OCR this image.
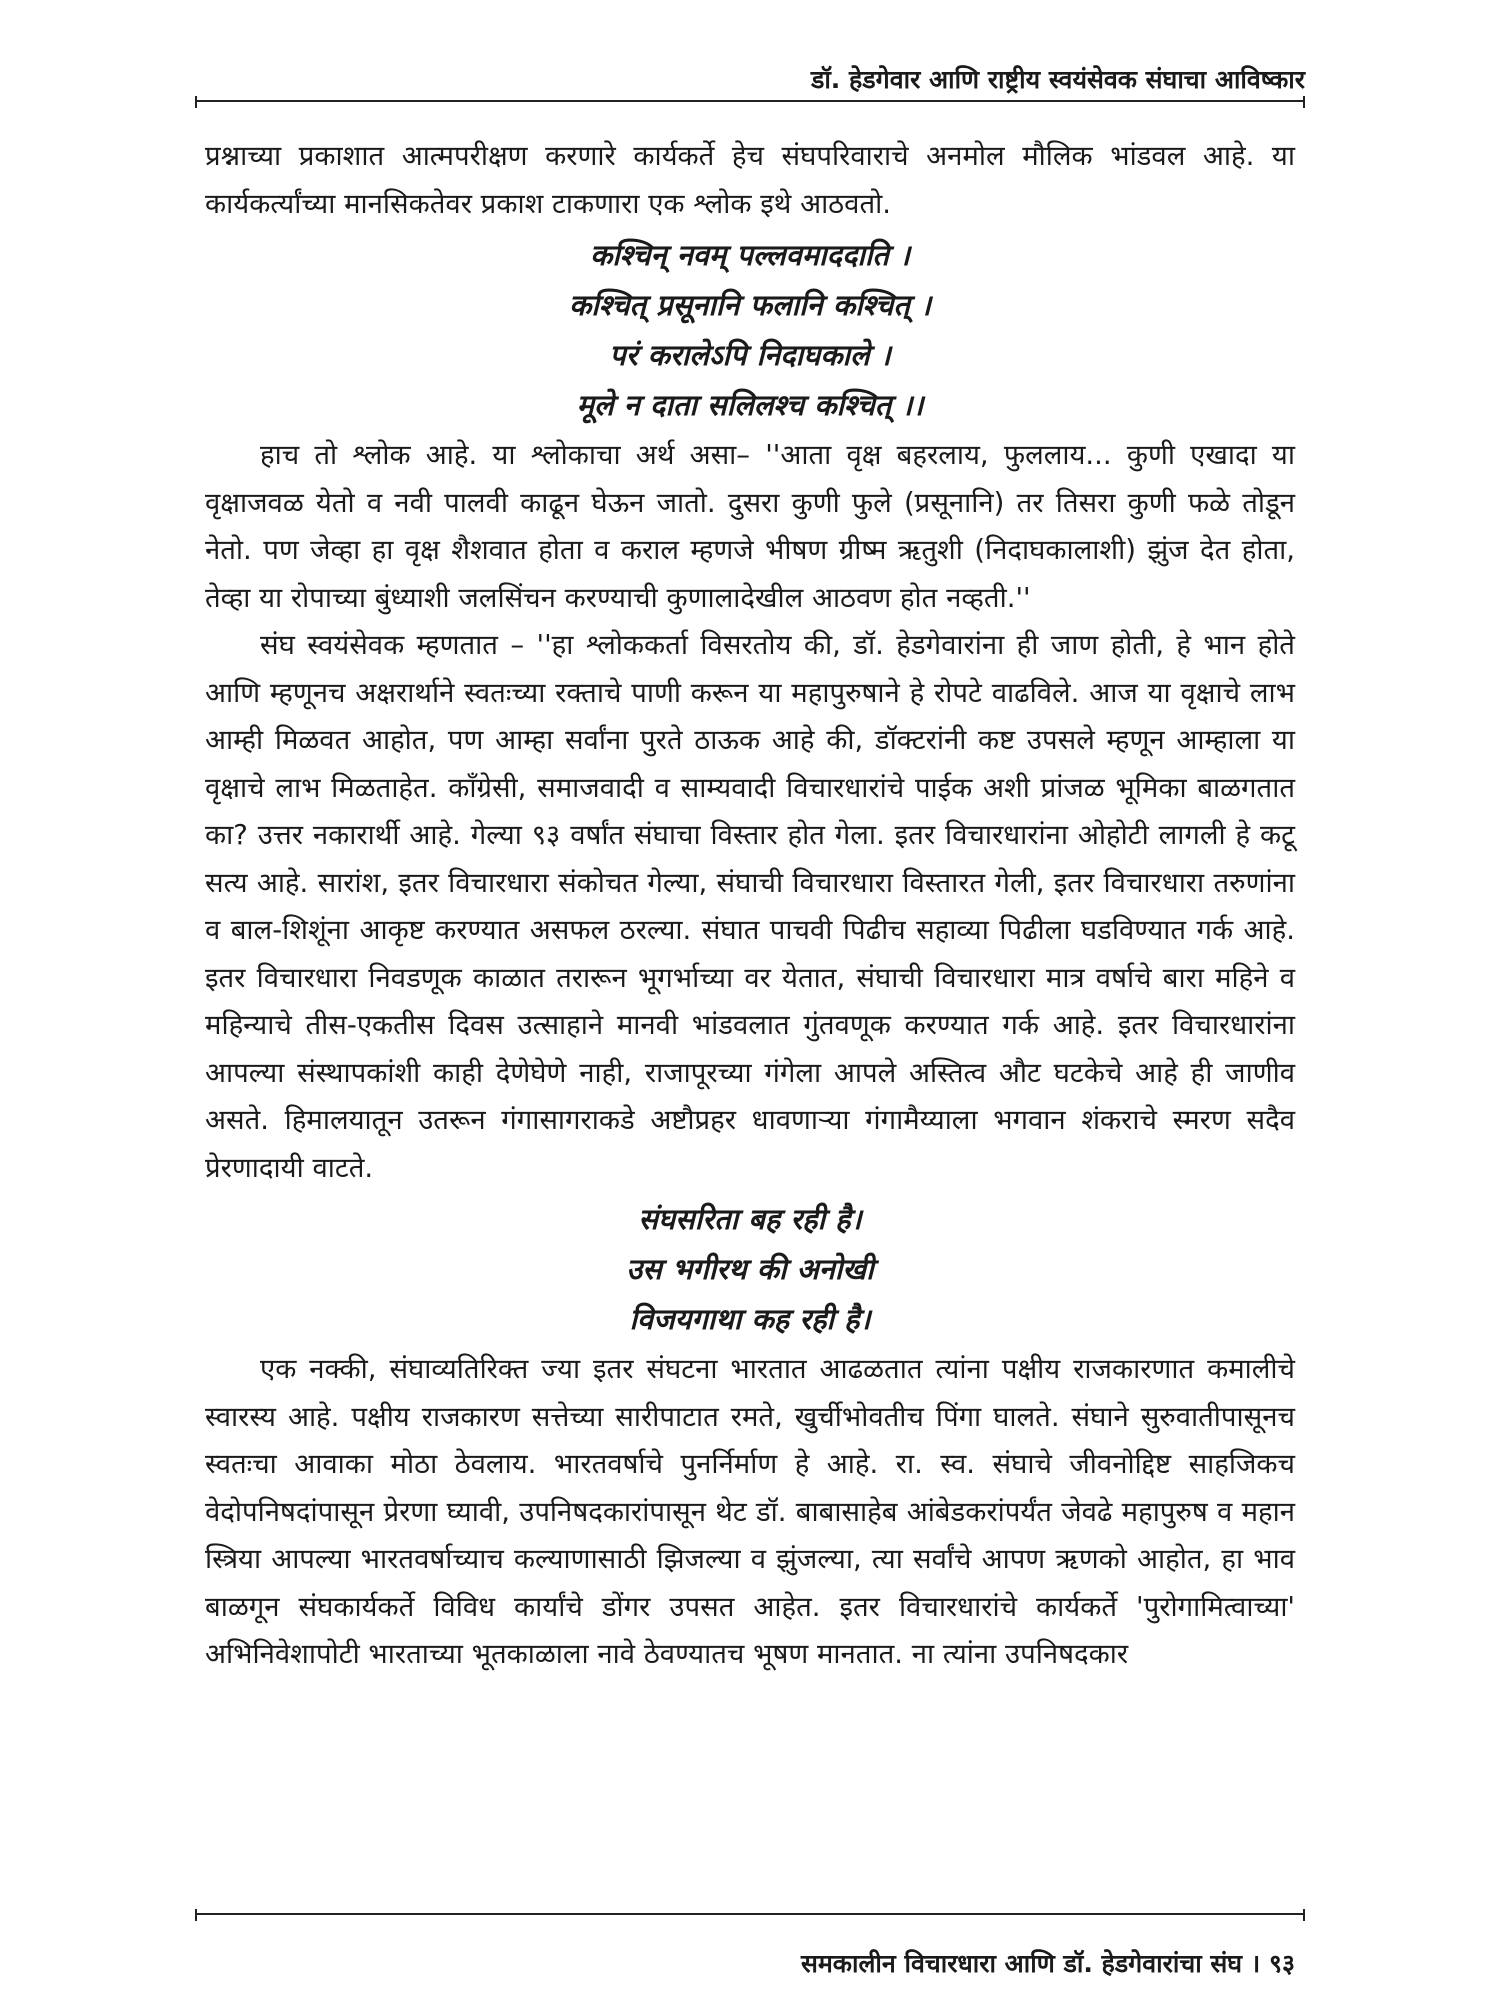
डॉ. हेडगेवार आणि राष्ट्रीय स्वयंसेवक संघाचा आविष्कार

प्रश्नाच्या प्रकाशात आत्मपरीक्षण करणारे कार्यकर्ते हेच संघपरिवाराचे अनमोल मौलिक भांडवल आहे. या कार्यकर्त्यांच्या मानसिकतेवर प्रकाश टाकणारा एक श्लोक इथे आठवतो.

कश्चिन् नवम् पल्लवमाददाति ।
कश्चित् प्रसूनानि फलानि कश्चित् ।
परं करालेऽपि निदाघकाले ।
मूले न दाता सलिलश्च कश्चित् ।।

हाच तो श्लोक आहे. या श्लोकाचा अर्थ असा– ''आता वृक्ष बहरलाय, फुललाय... कुणी एखादा या वृक्षाजवळ येतो व नवी पालवी काढून घेऊन जातो. दुसरा कुणी फुले (प्रसूनानि) तर तिसरा कुणी फळे तोडून नेतो. पण जेव्हा हा वृक्ष शैशवात होता व कराल म्हणजे भीषण ग्रीष्म ऋतुशी (निदाघकालाशी) झुंज देत होता, तेव्हा या रोपाच्या बुंध्याशी जलसिंचन करण्याची कुणालादेखील आठवण होत नव्हती.''

संघ स्वयंसेवक म्हणतात – ''हा श्लोककर्ता विसरतोय की, डॉ. हेडगेवारांना ही जाण होती, हे भान होते आणि म्हणूनच अक्षरार्थाने स्वतःच्या रक्ताचे पाणी करून या महापुरुषाने हे रोपटे वाढविले. आज या वृक्षाचे लाभ आम्ही मिळवत आहोत, पण आम्हा सर्वांना पुरते ठाऊक आहे की, डॉक्टरांनी कष्ट उपसले म्हणून आम्हाला या वृक्षाचे लाभ मिळताहेत. काँग्रेसी, समाजवादी व साम्यवादी विचारधारांचे पाईक अशी प्रांजळ भूमिका बाळगतात का? उत्तर नकारार्थी आहे. गेल्या ९३ वर्षांत संघाचा विस्तार होत गेला. इतर विचारधारांना ओहोटी लागली हे कटू सत्य आहे. सारांश, इतर विचारधारा संकोचत गेल्या, संघाची विचारधारा विस्तारत गेली, इतर विचारधारा तरुणांना व बाल-शिशूंना आकृष्ट करण्यात असफल ठरल्या. संघात पाचवी पिढीच सहाव्या पिढीला घडविण्यात गर्क आहे. इतर विचारधारा निवडणूक काळात तरारून भूगर्भाच्या वर येतात, संघाची विचारधारा मात्र वर्षाचे बारा महिने व महिन्याचे तीस-एकतीस दिवस उत्साहाने मानवी भांडवलात गुंतवणूक करण्यात गर्क आहे. इतर विचारधारांना आपल्या संस्थापकांशी काही देणेघेणे नाही, राजापूरच्या गंगेला आपले अस्तित्व औट घटकेचे आहे ही जाणीव असते. हिमालयातून उतरून गंगासागराकडे अष्टौप्रहर धावणाऱ्या गंगामैय्याला भगवान शंकराचे स्मरण सदैव प्रेरणादायी वाटते.

संघसरिता बह रही है।
उस भगीरथ की अनोखी
विजयगाथा कह रही है।

एक नक्की, संघाव्यतिरिक्त ज्या इतर संघटना भारतात आढळतात त्यांना पक्षीय राजकारणात कमालीचे स्वारस्य आहे. पक्षीय राजकारण सत्तेच्या सारीपाटात रमते, खुर्चीभोवतीच पिंगा घालते. संघाने सुरुवातीपासूनच स्वतःचा आवाका मोठा ठेवलाय. भारतवर्षाचे पुनर्निर्माण हे आहे. रा. स्व. संघाचे जीवनोद्दिष्ट साहजिकच वेदोपनिषदांपासून प्रेरणा घ्यावी, उपनिषदकारांपासून थेट डॉ. बाबासाहेब आंबेडकरांपर्यंत जेवढे महापुरुष व महान स्त्रिया आपल्या भारतवर्षाच्याच कल्याणासाठी झिजल्या व झुंजल्या, त्या सर्वांचे आपण ऋणको आहोत, हा भाव बाळगून संघकार्यकर्ते विविध कार्यांचे डोंगर उपसत आहेत. इतर विचारधारांचे कार्यकर्ते 'पुरोगामित्वाच्या' अभिनिवेशापोटी भारताच्या भूतकाळाला नावे ठेवण्यातच भूषण मानतात. ना त्यांना उपनिषदकार

समकालीन विचारधारा आणि डॉ. हेडगेवारांचा संघ । ९३
